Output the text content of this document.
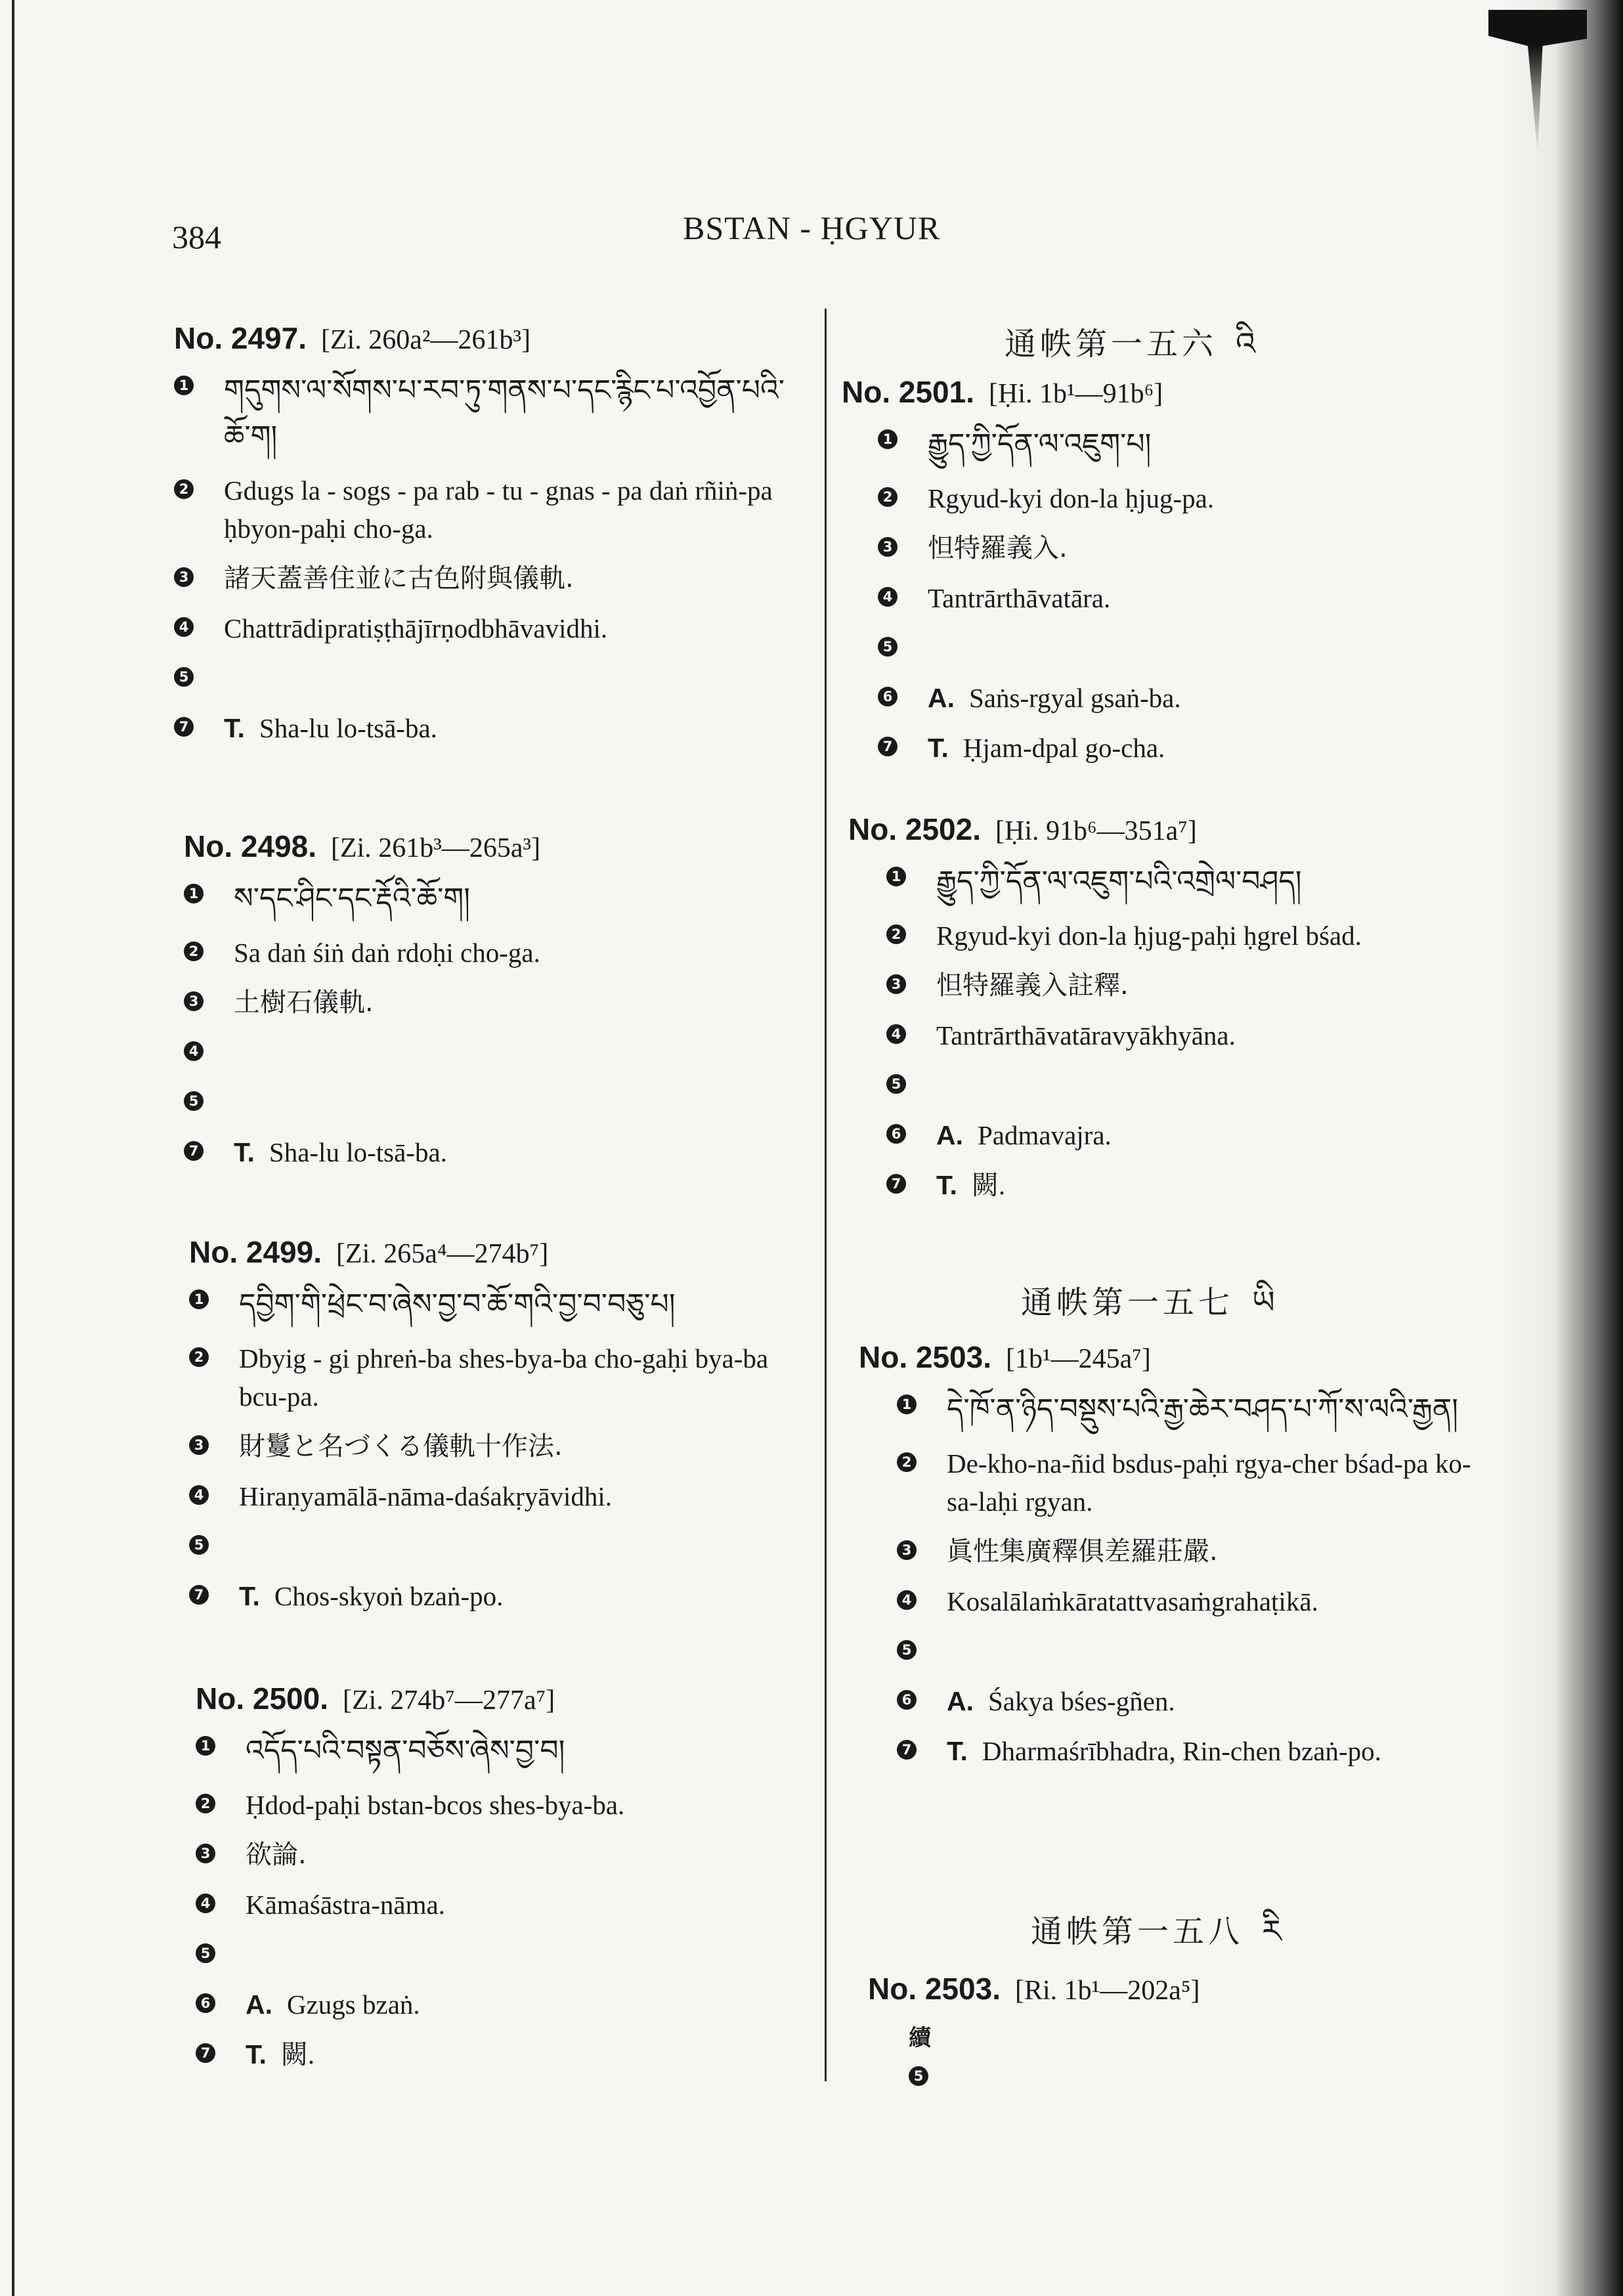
384	BSTAN - ḤGYUR
No. 2497. [Zi. 260a²—261b³]
1 གདུགས་ལ་སོགས་པ་རབ་ཏུ་གནས་པ་དང་རྙིང་པ་འབྱོན་པའི་ཆོ་ག།
2 Gdugs la - sogs - pa rab - tu - gnas - pa daṅ rñiṅ-pa ḥbyon-paḥi cho-ga.
3 諸天蓋善住並に古色附與儀軌.
4 Chattrādipratiṣṭhājīrṇodbhāvavidhi.
5
7 T. Sha-lu lo-tsā-ba.
No. 2498. [Zi. 261b³—265a³]
1 ས་དང་ཤིང་དང་རྡོའི་ཆོ་ག།
2 Sa daṅ śiṅ daṅ rdoḥi cho-ga.
3 土樹石儀軌.
4
5
7 T. Sha-lu lo-tsā-ba.
No. 2499. [Zi. 265a⁴—274b⁷]
1 དབྱིག་གི་ཕྲེང་བ་ཞེས་བྱ་བ་ཆོ་གའི་བྱ་བ་བཅུ་པ།
2 Dbyig - gi phreṅ-ba shes-bya-ba cho-gaḥi bya-ba bcu-pa.
3 財鬘と名づくる儀軌十作法.
4 Hiraṇyamālā-nāma-daśakṛyāvidhi.
5
7 T. Chos-skyoṅ bzaṅ-po.
No. 2500. [Zi. 274b⁷—277a⁷]
1 འདོད་པའི་བསྟན་བཅོས་ཞེས་བྱ་བ།
2 Ḥdod-paḥi bstan-bcos shes-bya-ba.
3 欲論.
4 Kāmaśāstra-nāma.
5
6 A. Gzugs bzaṅ.
7 T. 闕.
通帙第一五六 འི
No. 2501. [Ḥi. 1b¹—91b⁶]
1 རྒྱུད་ཀྱི་དོན་ལ་འཇུག་པ།
2 Rgyud-kyi don-la ḥjug-pa.
3 怛特羅義入.
4 Tantrārthāvatāra.
5
6 A. Saṅs-rgyal gsaṅ-ba.
7 T. Ḥjam-dpal go-cha.
No. 2502. [Ḥi. 91b⁶—351a⁷]
1 རྒྱུད་ཀྱི་དོན་ལ་འཇུག་པའི་འགྲེལ་བཤད།
2 Rgyud-kyi don-la ḥjug-paḥi ḥgrel bśad.
3 怛特羅義入註釋.
4 Tantrārthāvatāravyākhyāna.
5
6 A. Padmavajra.
7 T. 闕.
通帙第一五七 ཡི
No. 2503. [1b¹—245a⁷]
1 དེ་ཁོ་ན་ཉིད་བསྡུས་པའི་རྒྱ་ཆེར་བཤད་པ་ཀོ་ས་ལའི་རྒྱན།
2 De-kho-na-ñid bsdus-paḥi rgya-cher bśad-pa ko-sa-laḥi rgyan.
3 眞性集廣釋俱差羅莊嚴.
4 Kosalālaṁkāratattvasaṁgrahaṭikā.
5
6 A. Śakya bśes-gñen.
7 T. Dharmaśrībhadra, Rin-chen bzaṅ-po.
通帙第一五八 རི
No. 2503. [Ri. 1b¹—202a⁵]
續
5
